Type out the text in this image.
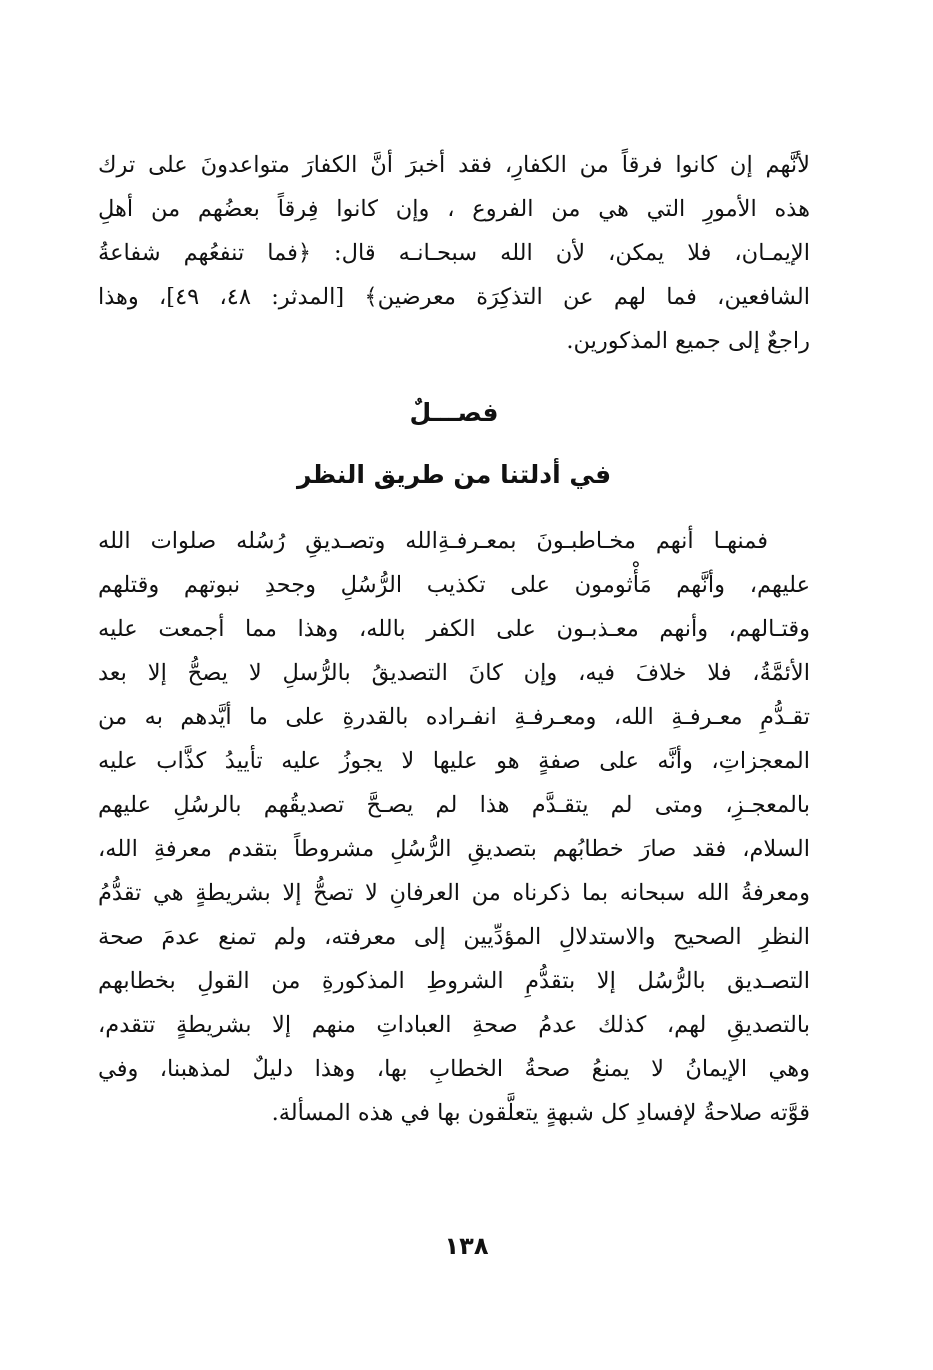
لأنَّهم إن كانوا فرقاً من الكفارِ، فقد أخبرَ أنَّ الكفارَ متواعدونَ على ترك
هذه الأمورِ التي هي من الفروع ، وإن كانوا فِرقاً بعضُهم من أهلِ
الإيمـان، فلا يمكن، لأن الله سبحـانـه قال: ﴿فما تنفعُهم شفاعةُ
الشافعين، فما لهم عن التذكِرَة معرضين﴾ [المدثر: ٤٨، ٤٩]، وهذا
راجعٌ إلى جميع المذكورين.
فصـــلٌ
في أدلتنا من طريق النظر
فمنهـا أنهم مخـاطبـونَ بمعـرفـةِالله وتصـديقِ رُسُله صلوات الله
عليهم، وأنَّهم مَأْثومون على تكذيب الرُّسُلِ وجحدِ نبوتهم وقتلهم
وقتـالهم، وأنهم معـذبـون على الكفر بالله، وهذا مما أجمعت عليه
الأئمَّةُ، فلا خلافَ فيه، وإن كانَ التصديقُ بالرُّسلِ لا يصحُّ إلا بعد
تقـدُّمِ معـرفـةِ الله، ومعـرفـةِ انفـراده بالقدرةِ على ما أيَّدهم به من
المعجزاتِ، وأنَّه على صفةٍ هو عليها لا يجوزُ عليه تأييدُ كذَّاب عليه
بالمعجـزِ، ومتى لم يتقـدَّم هذا لم يصـحَّ تصديقُهم بالرسُلِ عليهم
السلام، فقد صارَ خطابُهم بتصديقِ الرُّسُلِ مشروطاً بتقدم معرفةِ الله،
ومعرفةُ الله سبحانه بما ذكرناه من العرفانِ لا تصحُّ إلا بشريطةٍ هي تقدُّمُ
النظرِ الصحيح والاستدلالِ المؤدِّيين إلى معرفته، ولم تمنع عدمَ صحة
التصـديق بالرُّسُل إلا بتقدُّمِ الشروطِ المذكورةِ من القولِ بخطابهم
بالتصديقِ لهم، كذلك عدمُ صحةِ العباداتِ منهم إلا بشريطةٍ تتقدم،
وهي الإيمانُ لا يمنعُ صحةُ الخطابِ بها، وهذا دليلٌ لمذهبنا، وفي
قوَّته صلاحةُ لإفسادِ كل شبهةٍ يتعلَّقون بها في هذه المسألة.
١٣٨
